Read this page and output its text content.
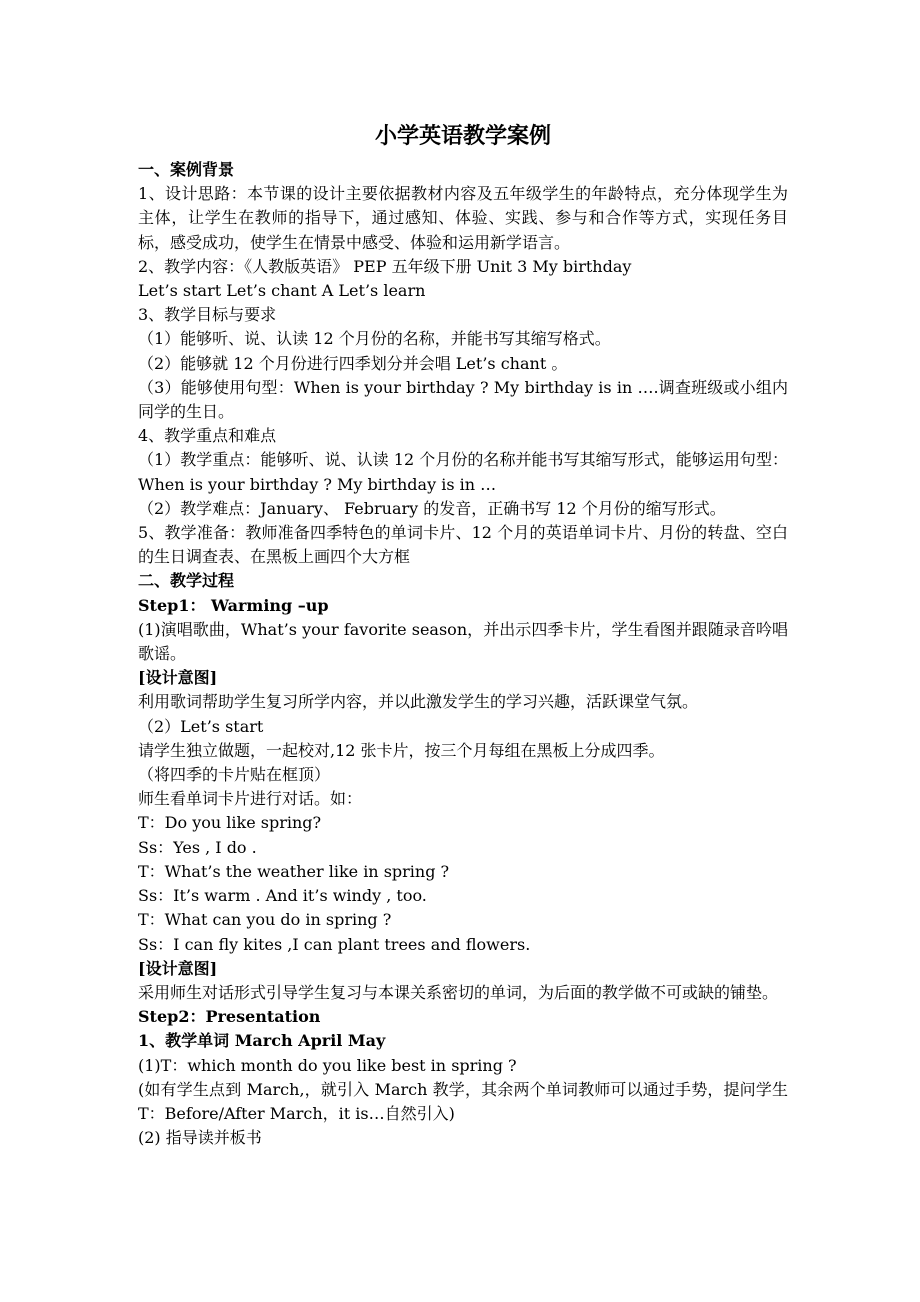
小学英语教学案例
一、案例背景
1、设计思路：本节课的设计主要依据教材内容及五年级学生的年龄特点，充分体现学生为主体，让学生在教师的指导下，通过感知、体验、实践、参与和合作等方式，实现任务目标，感受成功，使学生在情景中感受、体验和运用新学语言。
2、教学内容：《人教版英语》 PEP 五年级下册 Unit 3 My birthday
Let’s start Let’s chant A Let’s learn
3、教学目标与要求
（1）能够听、说、认读 12 个月份的名称，并能书写其缩写格式。
（2）能够就 12 个月份进行四季划分并会唱 Let’s chant 。
（3）能够使用句型：When is your birthday ? My birthday is in ….调查班级或小组内同学的生日。
4、教学重点和难点
（1）教学重点：能够听、说、认读 12 个月份的名称并能书写其缩写形式，能够运用句型：When is your birthday ? My birthday is in …
（2）教学难点：January、 February 的发音，正确书写 12 个月份的缩写形式。
5、教学准备：教师准备四季特色的单词卡片、12 个月的英语单词卡片、月份的转盘、空白的生日调查表、在黑板上画四个大方框
二、教学过程
Step1： Warming –up
(1)演唱歌曲，What’s your favorite season，并出示四季卡片，学生看图并跟随录音吟唱歌谣。
[设计意图]
利用歌词帮助学生复习所学内容，并以此激发学生的学习兴趣，活跃课堂气氛。
（2）Let’s start
请学生独立做题，一起校对,12 张卡片，按三个月每组在黑板上分成四季。
（将四季的卡片贴在框顶）
师生看单词卡片进行对话。如：
T：Do you like spring?
Ss：Yes , I do .
T：What’s the weather like in spring ?
Ss：It’s warm . And it’s windy , too.
T：What can you do in spring ?
Ss：I can fly kites ,I can plant trees and flowers.
[设计意图]
采用师生对话形式引导学生复习与本课关系密切的单词，为后面的教学做不可或缺的铺垫。
Step2：Presentation
1、教学单词 March April May
(1)T：which month do you like best in spring ?
(如有学生点到 March,，就引入 March 教学，其余两个单词教师可以通过手势，提问学生 T：Before/After March，it is…自然引入)
(2) 指导读并板书
